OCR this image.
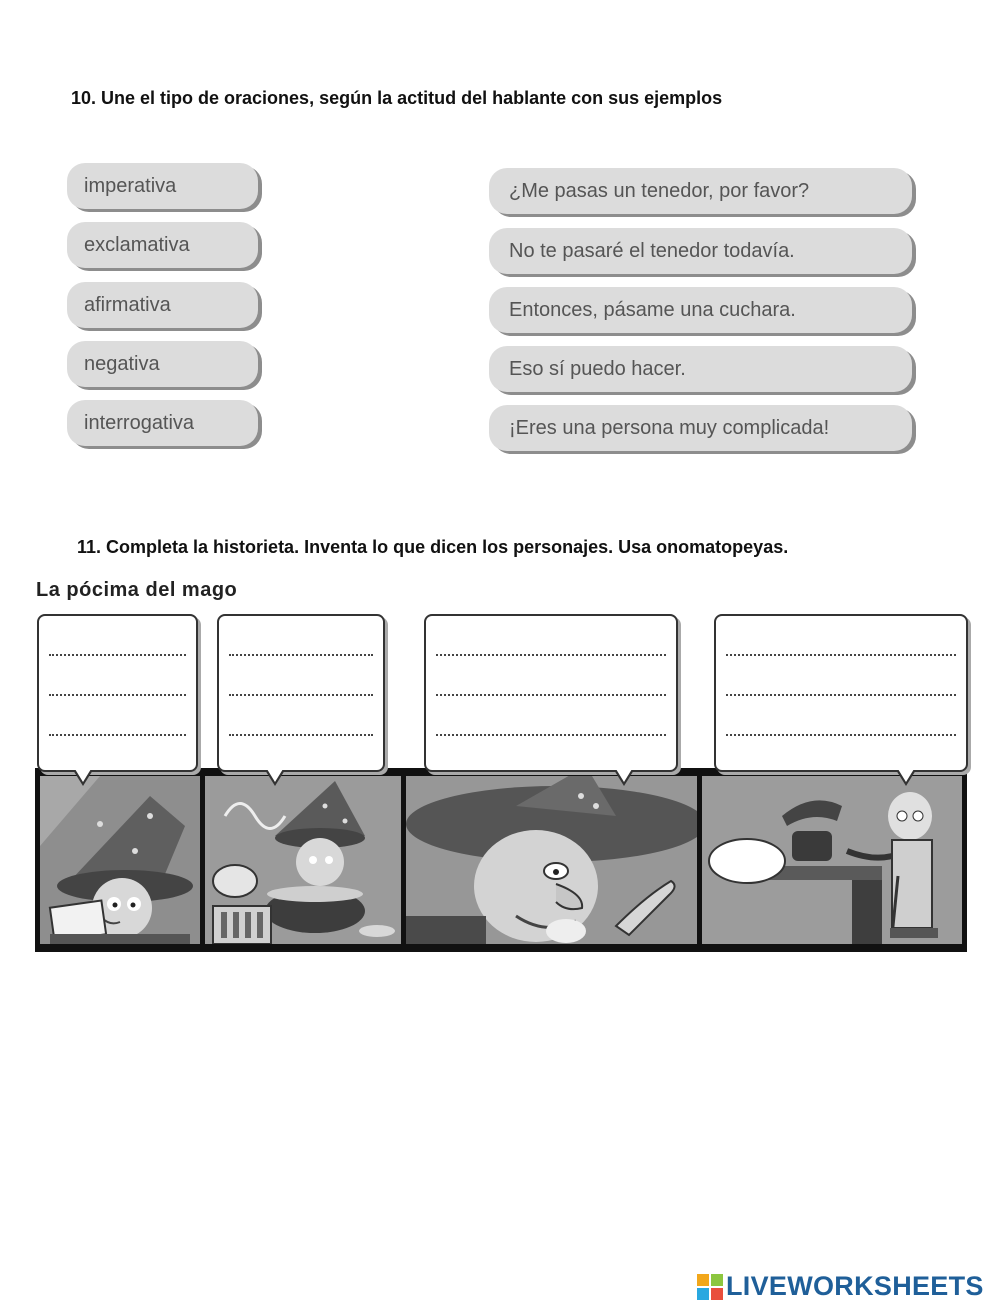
10. Une el tipo de oraciones, según la actitud del hablante con sus ejemplos
imperativa
exclamativa
afirmativa
negativa
interrogativa
¿Me pasas un tenedor, por favor?
No te pasaré el tenedor todavía.
Entonces, pásame una cuchara.
Eso sí puedo hacer.
¡Eres una persona muy complicada!
11. Completa la historieta. Inventa lo que dicen los personajes. Usa onomatopeyas.
La pócima del mago
LIVEWORKSHEETS
